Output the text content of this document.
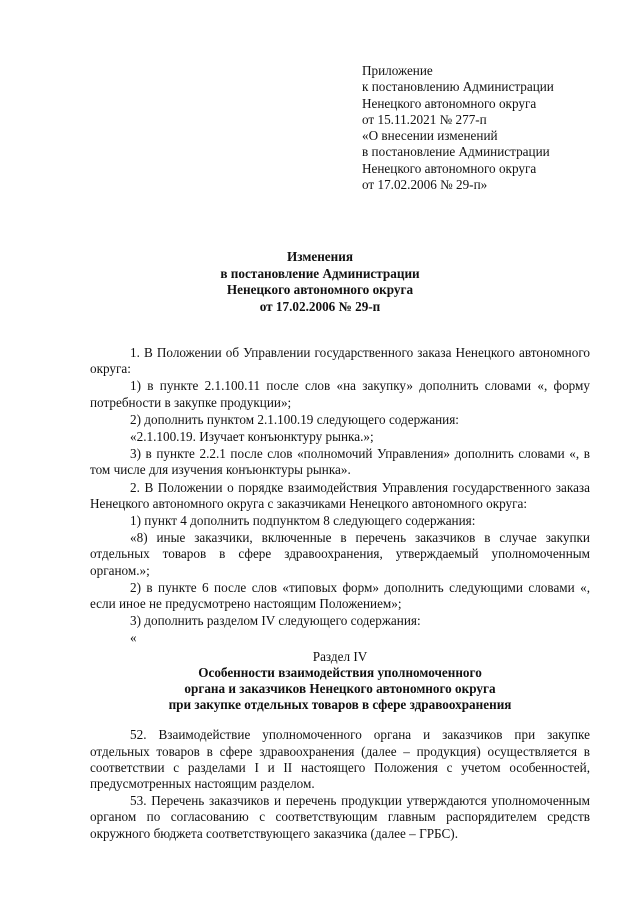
Приложение
к постановлению Администрации
Ненецкого автономного округа
от 15.11.2021 № 277-п
«О внесении изменений
в постановление Администрации
Ненецкого автономного округа
от 17.02.2006 № 29-п»
Изменения
в постановление Администрации
Ненецкого автономного округа
от 17.02.2006 № 29-п

1. В Положении об Управлении государственного заказа Ненецкого автономного округа:

1) в пункте 2.1.100.11 после слов «на закупку» дополнить словами «, форму потребности в закупке продукции»;

2) дополнить пунктом 2.1.100.19 следующего содержания:

«2.1.100.19. Изучает конъюнктуру рынка.»;

3) в пункте 2.2.1 после слов «полномочий Управления» дополнить словами «, в том числе для изучения конъюнктуры рынка».

2. В Положении о порядке взаимодействия Управления государственного заказа Ненецкого автономного округа с заказчиками Ненецкого автономного округа:

1) пункт 4 дополнить подпунктом 8 следующего содержания:

«8) иные заказчики, включенные в перечень заказчиков в случае закупки отдельных товаров в сфере здравоохранения, утверждаемый уполномоченным органом.»;

2) в пункте 6 после слов «типовых форм» дополнить следующими словами «, если иное не предусмотрено настоящим Положением»;

3) дополнить разделом IV следующего содержания:

«

Раздел IV
Особенности взаимодействия уполномоченного
органа и заказчиков Ненецкого автономного округа
при закупке отдельных товаров в сфере здравоохранения

52. Взаимодействие уполномоченного органа и заказчиков при закупке отдельных товаров в сфере здравоохранения (далее – продукция) осуществляется в соответствии с разделами I и II настоящего Положения с учетом особенностей, предусмотренных настоящим разделом.

53. Перечень заказчиков и перечень продукции утверждаются уполномоченным органом по согласованию с соответствующим главным распорядителем средств окружного бюджета соответствующего заказчика (далее – ГРБС).
